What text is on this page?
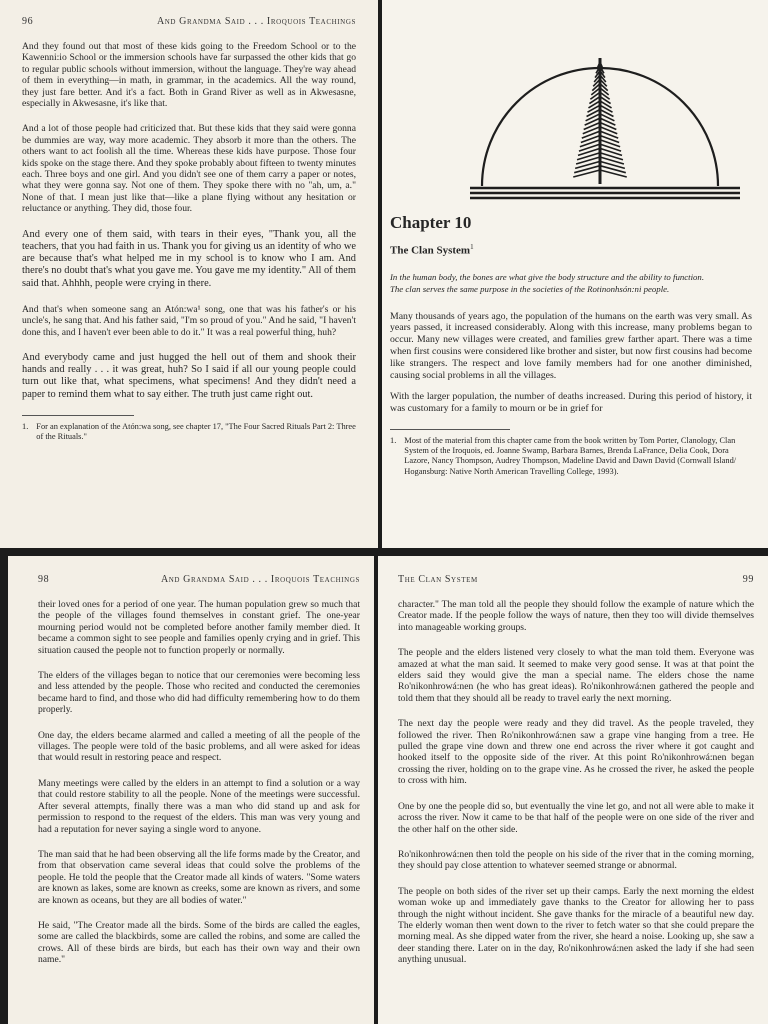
96	And Grandma Said . . . Iroquois Teachings

And they found out that most of these kids going to the Freedom School or to the Kawenni:io School or the immersion schools have far surpassed the other kids that go to regular public schools without immersion, without the language. They're way ahead of them in everything—in math, in grammar, in the academics. All the way round, they just fare better. And it's a fact. Both in Grand River as well as in Akwesasne, especially in Akwesasne, it's like that.

And a lot of those people had criticized that. But these kids that they said were gonna be dummies are way, way more academic. They absorb it more than the others. The others want to act foolish all the time. Whereas these kids have purpose. Those four kids spoke on the stage there. And they spoke probably about fifteen to twenty minutes each. Three boys and one girl. And you didn't see one of them carry a paper or notes, what they were gonna say. Not one of them. They spoke there with no "ah, um, a." None of that. I mean just like that—like a plane flying without any hesitation or reluctance or anything. They did, those four.

And every one of them said, with tears in their eyes, "Thank you, all the teachers, that you had faith in us. Thank you for giving us an identity of who we are because that's what helped me in my school is to know who I am. And there's no doubt that's what you gave me. You gave me my identity." All of them said that. Ahhhh, people were crying in there.

And that's when someone sang an Atón:wa¹ song, one that was his father's or his uncle's, he sang that. And his father said, "I'm so proud of you." And he said, "I haven't done this, and I haven't ever been able to do it." It was a real powerful thing, huh?

And everybody came and just hugged the hell out of them and shook their hands and really . . . it was great, huh? So I said if all our young people could turn out like that, what specimens, what specimens! And they didn't need a paper to remind them what to say either. The truth just came right out.

1. For an explanation of the Atón:wa song, see chapter 17, "The Four Sacred Rituals Part 2: Three of the Rituals."
Chapter 10
The Clan System$^1$
In the human body, the bones are what give the body structure and the ability to function.
The clan serves the same purpose in the societies of the Rotinonhsón:ni people.

Many thousands of years ago, the population of the humans on the earth was very small. As years passed, it increased considerably. Along with this increase, many problems began to occur. Many new villages were created, and families grew farther apart. There was a time when first cousins were considered like brother and sister, but now first cousins had become like strangers. The respect and love family members had for one another diminished, causing social problems in all the villages.

With the larger population, the number of deaths increased. During this period of history, it was customary for a family to mourn or be in grief for

1. Most of the material from this chapter came from the book written by Tom Porter, Clanology, Clan System of the Iroquois, ed. Joanne Swamp, Barbara Barnes, Brenda LaFrance, Delia Cook, Dora Lazore, Nancy Thompson, Audrey Thompson, Madeline David and Dawn David (Cornwall Island/ Hogansburg: Native North American Travelling College, 1993).
98	And Grandma Said . . . Iroquois Teachings

their loved ones for a period of one year. The human population grew so much that the people of the villages found themselves in constant grief. The one-year mourning period would not be completed before another family member died. It became a common sight to see people and families openly crying and in grief. This situation caused the people not to function properly or normally.

The elders of the villages began to notice that our ceremonies were becoming less and less attended by the people. Those who recited and conducted the ceremonies became hard to find, and those who did had difficulty remembering how to do them properly.

One day, the elders became alarmed and called a meeting of all the people of the villages. The people were told of the basic problems, and all were asked for ideas that would result in restoring peace and respect.

Many meetings were called by the elders in an attempt to find a solution or a way that could restore stability to all the people. None of the meetings were successful. After several attempts, finally there was a man who did stand up and ask for permission to respond to the request of the elders. This man was very young and had a reputation for never saying a single word to anyone.

The man said that he had been observing all the life forms made by the Creator, and from that observation came several ideas that could solve the problems of the people. He told the people that the Creator made all kinds of waters. "Some waters are known as lakes, some are known as creeks, some are known as rivers, and some are known as oceans, but they are all bodies of water."

He said, "The Creator made all the birds. Some of the birds are called the eagles, some are called the blackbirds, some are called the robins, and some are called the crows. All of these birds are birds, but each has their own way and their own name."

The Clan System	99

character." The man told all the people they should follow the example of nature which the Creator made. If the people follow the ways of nature, then they too will divide themselves into manageable working groups.

The people and the elders listened very closely to what the man told them. Everyone was amazed at what the man said. It seemed to make very good sense. It was at that point the elders said they would give the man a special name. The elders chose the name Ro'nikonhrowá:nen (he who has great ideas). Ro'nikonhrowá:nen gathered the people and told them that they should all be ready to travel early the next morning.

The next day the people were ready and they did travel. As the people traveled, they followed the river. Then Ro'nikonhrowá:nen saw a grape vine hanging from a tree. He pulled the grape vine down and threw one end across the river where it got caught and hooked itself to the opposite side of the river. At this point Ro'nikonhrowá:nen began crossing the river, holding on to the grape vine. As he crossed the river, he asked the people to cross with him.

One by one the people did so, but eventually the vine let go, and not all were able to make it across the river. Now it came to be that half of the people were on one side of the river and the other half on the other side.

Ro'nikonhrowá:nen then told the people on his side of the river that in the coming morning, they should pay close attention to whatever seemed strange or abnormal.

The people on both sides of the river set up their camps. Early the next morning the eldest woman woke up and immediately gave thanks to the Creator for allowing her to pass through the night without incident. She gave thanks for the miracle of a beautiful new day. The elderly woman then went down to the river to fetch water so that she could prepare the morning meal. As she dipped water from the river, she heard a noise. Looking up, she saw a deer standing there. Later on in the day, Ro'nikonhrowá:nen asked the lady if she had seen anything unusual.
